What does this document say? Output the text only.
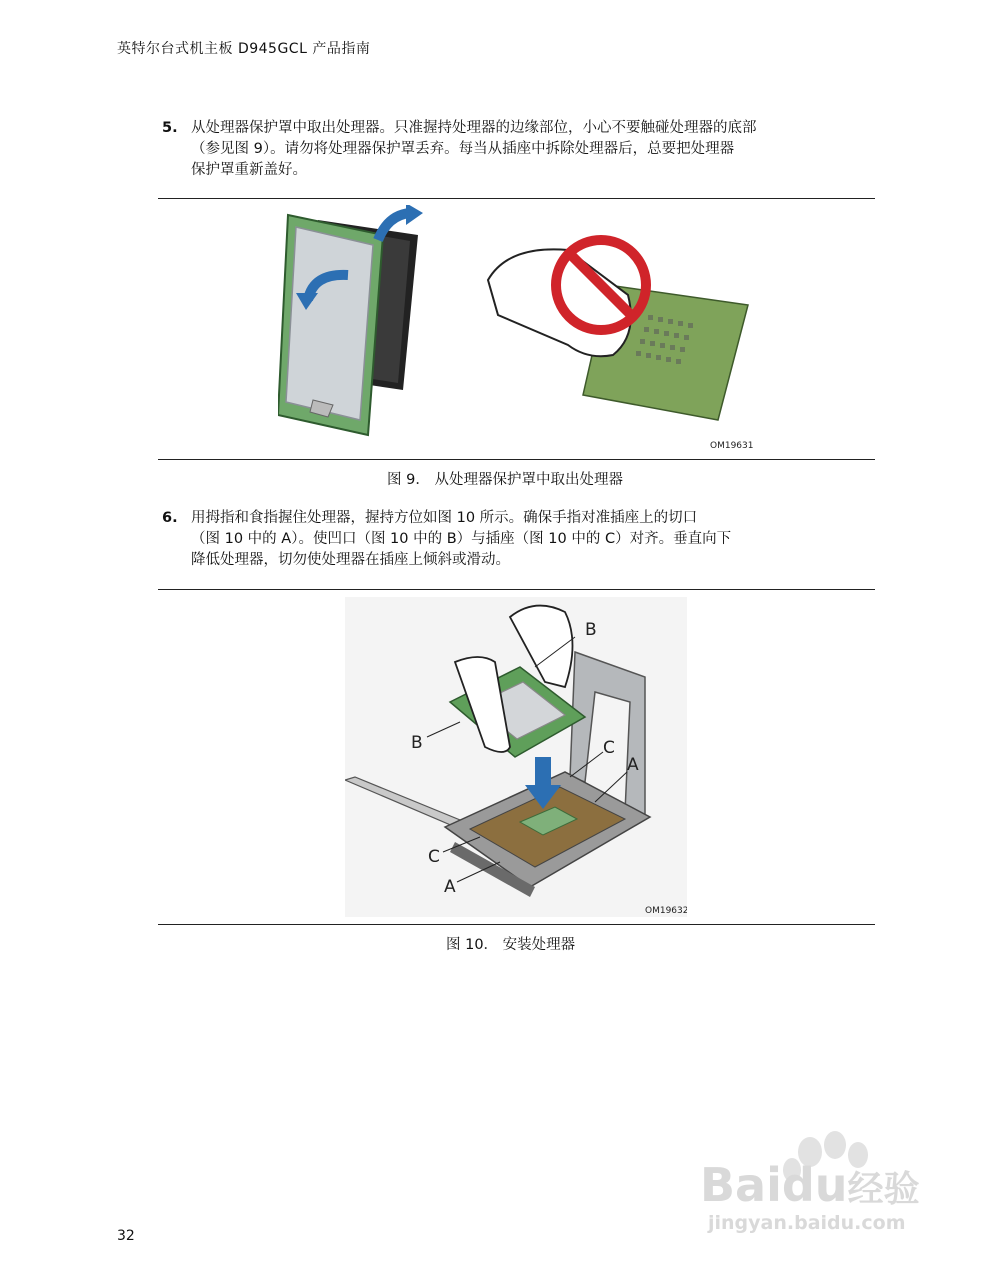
英特尔台式机主板 D945GCL 产品指南
5. 从处理器保护罩中取出处理器。只准握持处理器的边缘部位，小心不要触碰处理器的底部
（参见图 9）。请勿将处理器保护罩丢弃。每当从插座中拆除处理器后，总要把处理器
保护罩重新盖好。
OM19631
图 9． 从处理器保护罩中取出处理器
6. 用拇指和食指握住处理器，握持方位如图 10 所示。确保手指对准插座上的切口
（图 10 中的 A）。使凹口（图 10 中的 B）与插座（图 10 中的 C）对齐。垂直向下
降低处理器，切勿使处理器在插座上倾斜或滑动。
B
B	C
A
C
A
OM19632
图 10． 安装处理器
Baidu经验
jingyan.baidu.com
32
